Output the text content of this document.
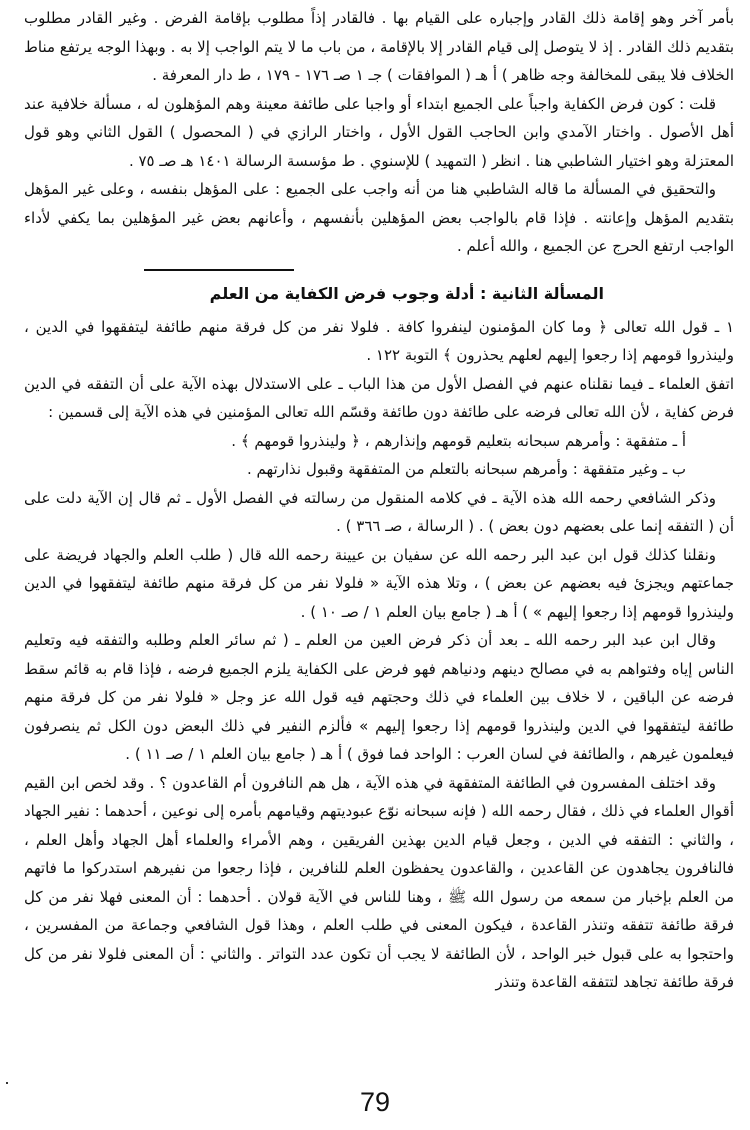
بأمر آخر وهو إقامة ذلك القادر وإجباره على القيام بها . فالقادر إذاً مطلوب بإقامة الفرض . وغير القادر مطلوب بتقديم ذلك القادر . إذ لا يتوصل إلى قيام القادر إلا بالإقامة ، من باب ما لا يتم الواجب إلا به . وبهذا الوجه يرتفع مناط الخلاف فلا يبقى للمخالفة وجه ظاهر ) أ هـ ( الموافقات ) جـ ١ صـ ١٧٦ - ١٧٩ ، ط دار المعرفة .

قلت : كون فرض الكفاية واجباً على الجميع ابتداء أو واجبا على طائفة معينة وهم المؤهلون له ، مسألة خلافية عند أهل الأصول . واختار الآمدي وابن الحاجب القول الأول ، واختار الرازي في ( المحصول ) القول الثاني وهو قول المعتزلة وهو اختيار الشاطبي هنا . انظر ( التمهيد ) للإسنوي . ط مؤسسة الرسالة ١٤٠١ هـ صـ ٧٥ .

والتحقيق في المسألة ما قاله الشاطبي هنا من أنه واجب على الجميع : على المؤهل بنفسه ، وعلى غير المؤهل بتقديم المؤهل وإعانته . فإذا قام بالواجب بعض المؤهلين بأنفسهم ، وأعانهم بعض غير المؤهلين بما يكفي لأداء الواجب ارتفع الحرج عن الجميع ، والله أعلم .

المسألة الثانية : أدلة وجوب فرض الكفاية من العلم

١ ـ قول الله تعالى ﴿ وما كان المؤمنون لينفروا كافة . فلولا نفر من كل فرقة منهم طائفة ليتفقهوا في الدين ، ولينذروا قومهم إذا رجعوا إليهم لعلهم يحذرون ﴾ التوبة ١٢٢ .

اتفق العلماء ـ فيما نقلناه عنهم في الفصل الأول من هذا الباب ـ على الاستدلال بهذه الآية على أن التفقه في الدين فرض كفاية ، لأن الله تعالى فرضه على طائفة دون طائفة وقسّم الله تعالى المؤمنين في هذه الآية إلى قسمين :

أ ـ متفقهة : وأمرهم سبحانه بتعليم قومهم وإنذارهم ، ﴿ ولينذروا قومهم ﴾ .

ب ـ وغير متفقهة : وأمرهم سبحانه بالتعلم من المتفقهة وقبول نذارتهم .

وذكر الشافعي رحمه الله هذه الآية ـ في كلامه المنقول من رسالته في الفصل الأول ـ ثم قال إن الآية دلت على أن ( التفقه إنما على بعضهم دون بعض ) . ( الرسالة ، صـ ٣٦٦ ) .

ونقلنا كذلك قول ابن عبد البر رحمه الله عن سفيان بن عيينة رحمه الله قال ( طلب العلم والجهاد فريضة على جماعتهم ويجزئ فيه بعضهم عن بعض ) ، وتلا هذه الآية « فلولا نفر من كل فرقة منهم طائفة ليتفقهوا في الدين ولينذروا قومهم إذا رجعوا إليهم » ) أ هـ ( جامع بيان العلم ١ / صـ ١٠ ) .

وقال ابن عبد البر رحمه الله ـ بعد أن ذكر فرض العين من العلم ـ ( ثم سائر العلم وطلبه والتفقه فيه وتعليم الناس إياه وفتواهم به في مصالح دينهم ودنياهم فهو فرض على الكفاية يلزم الجميع فرضه ، فإذا قام به قائم سقط فرضه عن الباقين ، لا خلاف بين العلماء في ذلك وحجتهم فيه قول الله عز وجل « فلولا نفر من كل فرقة منهم طائفة ليتفقهوا في الدين ولينذروا قومهم إذا رجعوا إليهم » فألزم النفير في ذلك البعض دون الكل ثم ينصرفون فيعلمون غيرهم ، والطائفة في لسان العرب : الواحد فما فوق ) أ هـ ( جامع بيان العلم ١ / صـ ١١ ) .

وقد اختلف المفسرون في الطائفة المتفقهة في هذه الآية ، هل هم النافرون أم القاعدون ؟ . وقد لخص ابن القيم أقوال العلماء في ذلك ، فقال رحمه الله ( فإنه سبحانه نوّع عبوديتهم وقيامهم بأمره إلى نوعين ، أحدهما : نفير الجهاد ، والثاني : التفقه في الدين ، وجعل قيام الدين بهذين الفريقين ، وهم الأمراء والعلماء أهل الجهاد وأهل العلم ، فالنافرون يجاهدون عن القاعدين ، والقاعدون يحفظون العلم للنافرين ، فإذا رجعوا من نفيرهم استدركوا ما فاتهم من العلم بإخبار من سمعه من رسول الله ﷺ ، وهنا للناس في الآية قولان . أحدهما : أن المعنى فهلا نفر من كل فرقة طائفة تتفقه وتنذر القاعدة ، فيكون المعنى في طلب العلم ، وهذا قول الشافعي وجماعة من المفسرين ، واحتجوا به على قبول خبر الواحد ، لأن الطائفة لا يجب أن تكون عدد التواتر . والثاني : أن المعنى فلولا نفر من كل فرقة طائفة تجاهد لتتفقه القاعدة وتنذر

79
